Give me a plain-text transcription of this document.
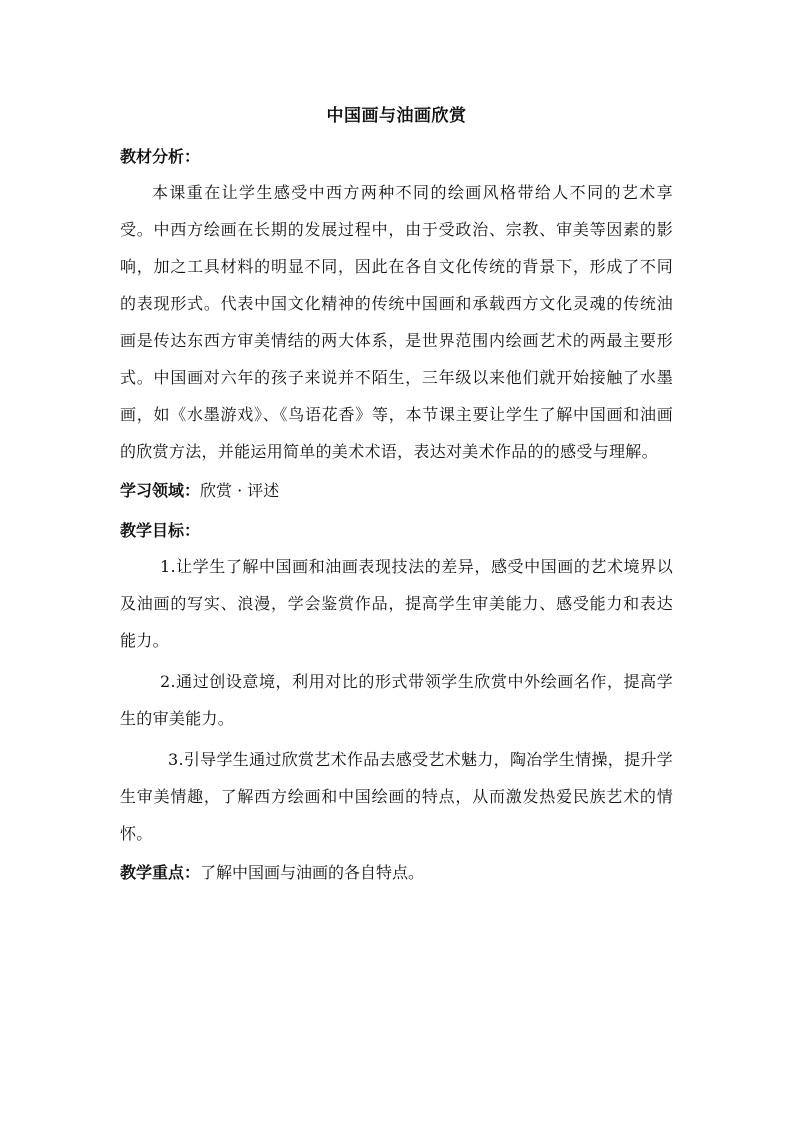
中国画与油画欣赏
教材分析：

本课重在让学生感受中西方两种不同的绘画风格带给人不同的艺术享受。中西方绘画在长期的发展过程中，由于受政治、宗教、审美等因素的影响，加之工具材料的明显不同，因此在各自文化传统的背景下，形成了不同的表现形式。代表中国文化精神的传统中国画和承载西方文化灵魂的传统油画是传达东西方审美情结的两大体系，是世界范围内绘画艺术的两最主要形式。中国画对六年的孩子来说并不陌生，三年级以来他们就开始接触了水墨画，如《水墨游戏》、《鸟语花香》等，本节课主要让学生了解中国画和油画的欣赏方法，并能运用简单的美术术语，表达对美术作品的的感受与理解。

学习领域：欣赏 · 评述
教学目标：

1.让学生了解中国画和油画表现技法的差异，感受中国画的艺术境界以及油画的写实、浪漫，学会鉴赏作品，提高学生审美能力、感受能力和表达能力。

2.通过创设意境，利用对比的形式带领学生欣赏中外绘画名作，提高学生的审美能力。

3.引导学生通过欣赏艺术作品去感受艺术魅力，陶冶学生情操，提升学生审美情趣，了解西方绘画和中国绘画的特点，从而激发热爱民族艺术的情怀。

教学重点：了解中国画与油画的各自特点。
